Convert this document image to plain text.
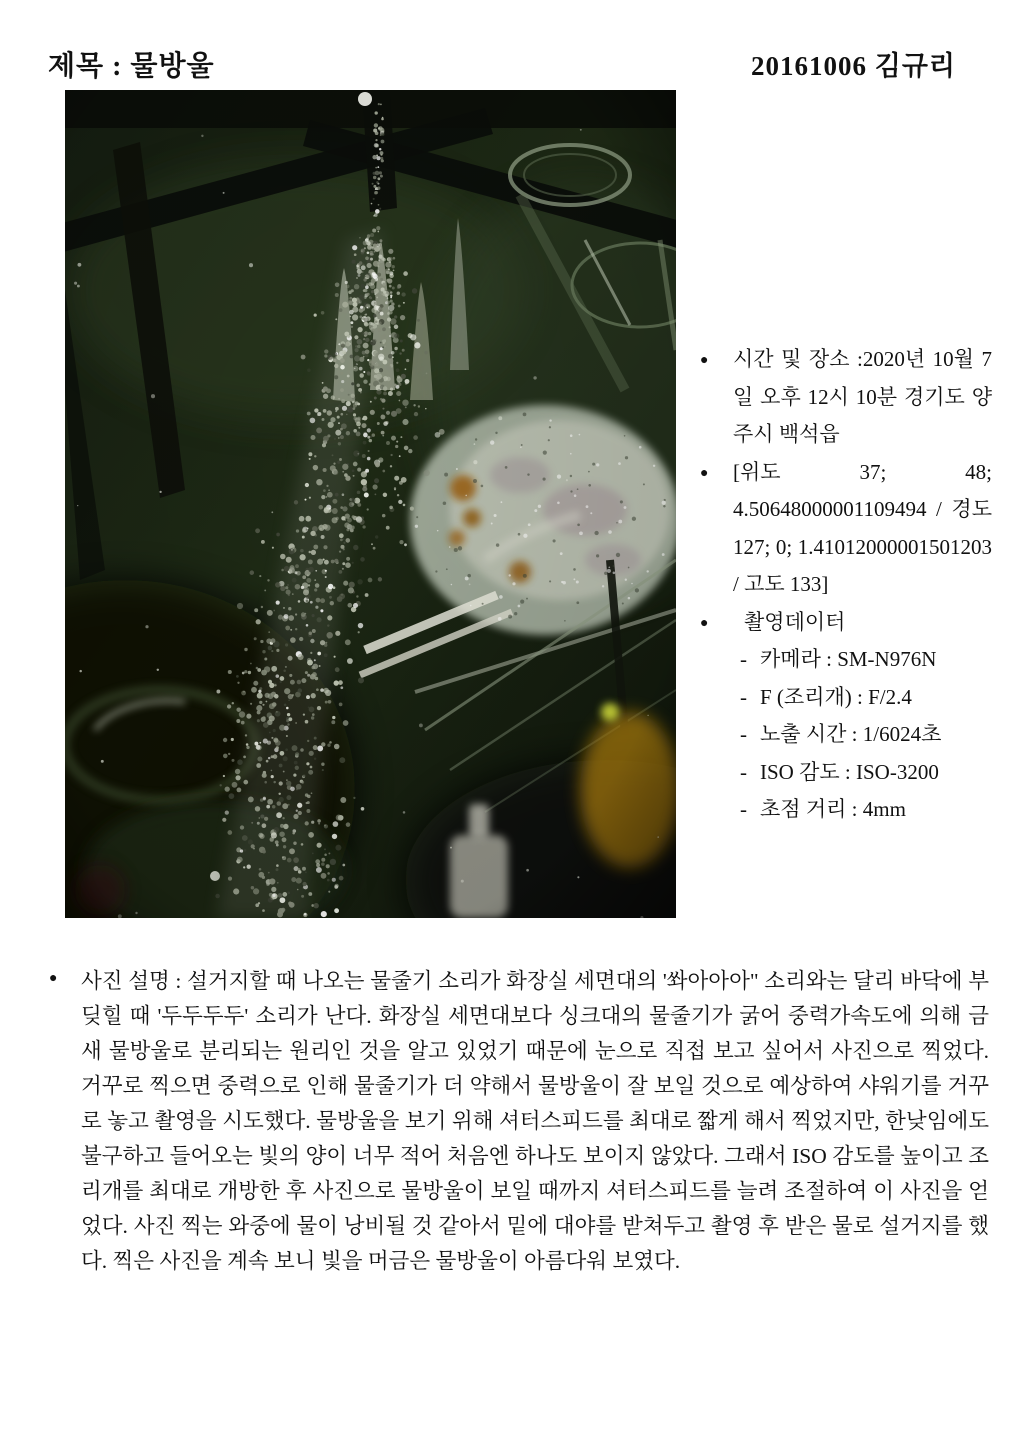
제목 : 물방울	20161006 김규리
● 시간 및 장소 :2020년 10월 7일 오후 12시 10분 경기도 양주시 백석읍
● [위도 37; 48; 4.50648000001109494 / 경도 127; 0; 1.41012000001501203 / 고도 133]
● 촬영데이터
- 카메라 : SM-N976N
- F (조리개) : F/2.4
- 노출 시간 : 1/6024초
- ISO 감도 : ISO-3200
- 초점 거리 : 4mm
● 사진 설명 : 설거지할 때 나오는 물줄기 소리가 화장실 세면대의 '쏴아아아" 소리와는 달리 바닥에 부딪힐 때 '두두두두' 소리가 난다. 화장실 세면대보다 싱크대의 물줄기가 굵어 중력가속도에 의해 금새 물방울로 분리되는 원리인 것을 알고 있었기 때문에 눈으로 직접 보고 싶어서 사진으로 찍었다. 거꾸로 찍으면 중력으로 인해 물줄기가 더 약해서 물방울이 잘 보일 것으로 예상하여 샤워기를 거꾸로 놓고 촬영을 시도했다. 물방울을 보기 위해 셔터스피드를 최대로 짧게 해서 찍었지만, 한낮임에도 불구하고 들어오는 빛의 양이 너무 적어 처음엔 하나도 보이지 않았다. 그래서 ISO 감도를 높이고 조리개를 최대로 개방한 후 사진으로 물방울이 보일 때까지 셔터스피드를 늘려 조절하여 이 사진을 얻었다. 사진 찍는 와중에 물이 낭비될 것 같아서 밑에 대야를 받쳐두고 촬영 후 받은 물로 설거지를 했다. 찍은 사진을 계속 보니 빛을 머금은 물방울이 아름다워 보였다.
